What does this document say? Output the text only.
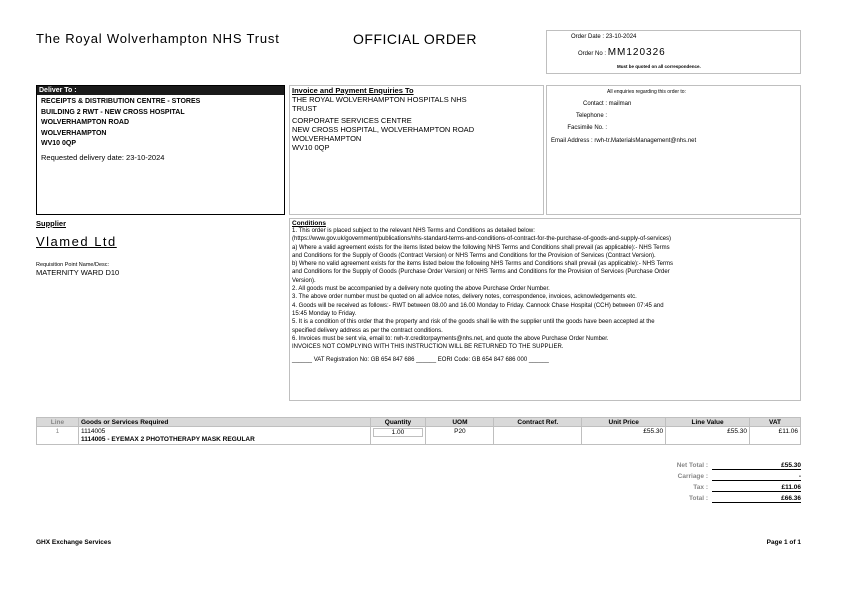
The Royal Wolverhampton NHS Trust	OFFICIAL ORDER	Order Date : 23-10-2024
Order No : MM120326
Must be quoted on all correspondence.
Deliver To :
RECEIPTS & DISTRIBUTION CENTRE - STORES
BUILDING 2 RWT - NEW CROSS HOSPITAL
WOLVERHAMPTON ROAD
WOLVERHAMPTON
WV10 0QP
Requested delivery date: 23-10-2024
Invoice and Payment Enquiries To
THE ROYAL WOLVERHAMPTON HOSPITALS NHS
TRUST
CORPORATE SERVICES CENTRE
NEW CROSS HOSPITAL, WOLVERHAMPTON ROAD
WOLVERHAMPTON
WV10 0QP
All enquiries regarding this order to:
Contact : mailman
Telephone :
Facsimile No. :
Email Address : rwh-tr.MaterialsManagement@nhs.net
Supplier
Vlamed Ltd
Requisition Point Name/Desc:
MATERNITY WARD D10
Conditions
1. This order is placed subject to the relevant NHS Terms and Conditions as detailed below:
(https://www.gov.uk/government/publications/nhs-standard-terms-and-conditions-of-contract-for-the-purchase-of-goods-and-supply-of-services)
a) Where a valid agreement exists for the items listed below the following NHS Terms and Conditions shall prevail (as applicable):- NHS Terms
and Conditions for the Supply of Goods (Contract Version) or NHS Terms and Conditions for the Provision of Services (Contract Version).
b) Where no valid agreement exists for the items listed below the following NHS Terms and Conditions shall prevail (as applicable):- NHS Terms
and Conditions for the Supply of Goods (Purchase Order Version) or NHS Terms and Conditions for the Provision of Services (Purchase Order
Version).
2. All goods must be accompanied by a delivery note quoting the above Purchase Order Number.
3. The above order number must be quoted on all advice notes, delivery notes, correspondence, invoices, acknowledgements etc.
4. Goods will be received as follows:- RWT between 08.00 and 16.00 Monday to Friday. Cannock Chase Hospital (CCH) between 07:45 and
15:45 Monday to Friday.
5. It is a condition of this order that the property and risk of the goods shall lie with the supplier until the goods have been accepted at the
specified delivery address as per the contract conditions.
6. Invoices must be sent via, email to: rwh-tr.creditorpayments@nhs.net, and quote the above Purchase Order Number.
INVOICES NOT COMPLYING WITH THIS INSTRUCTION WILL BE RETURNED TO THE SUPPLIER.
______ VAT Registration No: GB 654 847 686 ______ EORI Code: GB 654 847 686 000 ______
Line	Goods or Services Required	Quantity	UOM	Contract Ref.	Unit Price	Line Value	VAT
1	1114005
1114005 - EYEMAX 2 PHOTOTHERAPY MASK REGULAR	1.00	P20		£55.30	£55.30	£11.06
Net Total :	£55.30
Carriage :	-
Tax :	£11.06
Total :	£66.36
GHX Exchange Services	Page 1 of 1
